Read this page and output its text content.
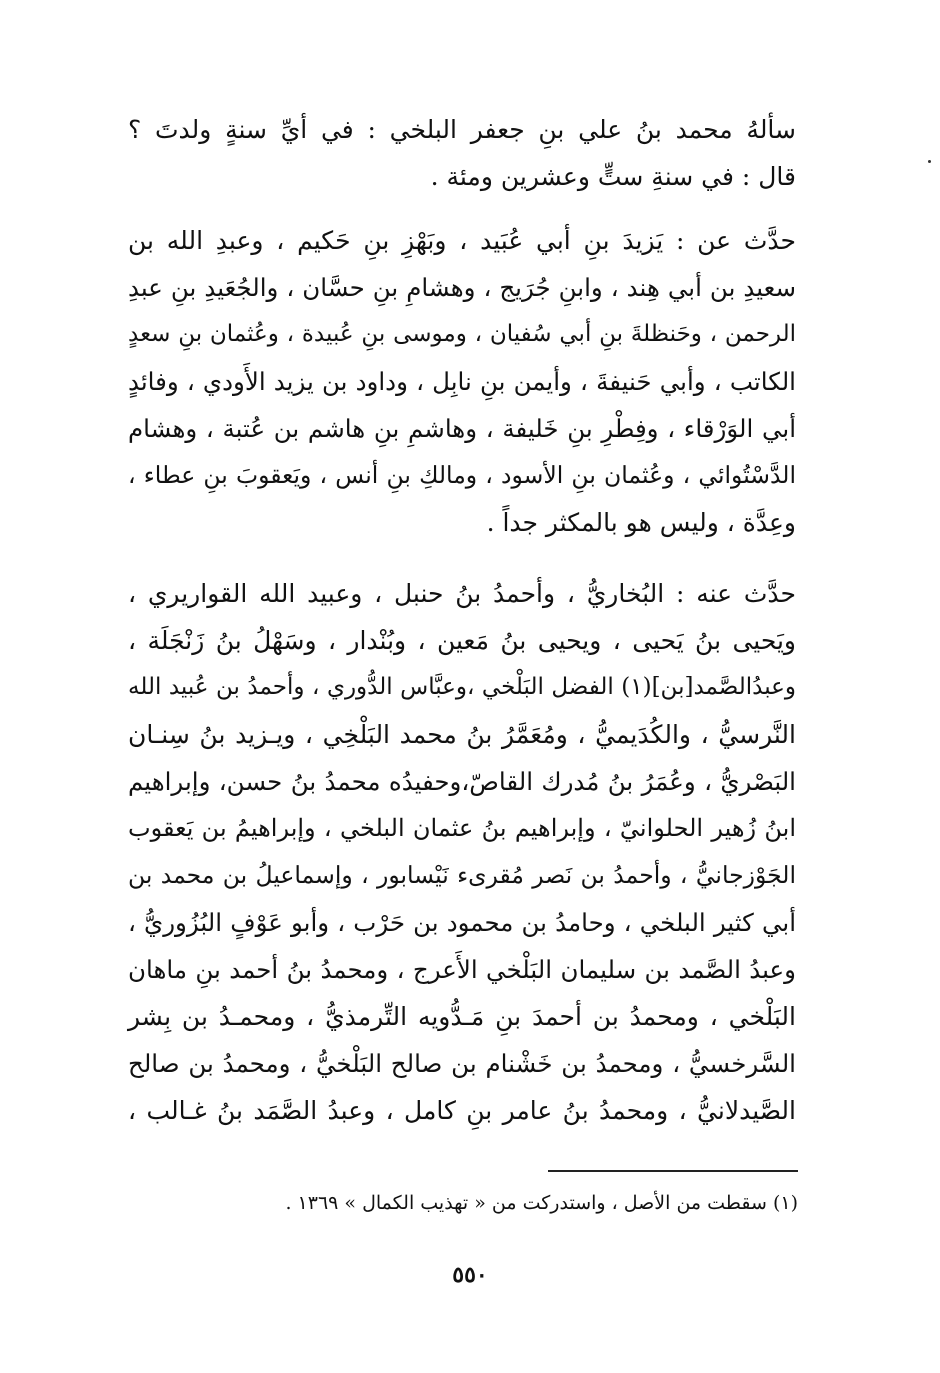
سألهُ محمد بنُ علي بنِ جعفر البلخي : في أيِّ سنةٍ ولدتَ ؟
قال : في سنةِ ستٍّ وعشرين ومئة .
حدَّث عن : يَزيدَ بنِ أبي عُبَيد ، وبَهْزِ بنِ حَكيم ، وعبدِ الله بن
سعيدِ بن أبي هِند ، وابنِ جُرَيج ، وهشامِ بنِ حسَّان ، والجُعَيدِ بنِ عبدِ
الرحمن ، وحَنظلةَ بنِ أبي سُفيان ، وموسى بنِ عُبيدة ، وعُثمان بنِ سعدٍ
الكاتب ، وأبي حَنيفةَ ، وأيمن بنِ نابِل ، وداود بن يزيد الأَودي ، وفائدٍ
أبي الوَرْقاء ، وفِطْرِ بنِ خَليفة ، وهاشمِ بنِ هاشم بن عُتبة ، وهشام
الدَّسْتُوائي ، وعُثمان بنِ الأسود ، ومالكِ بنِ أنس ، ويَعقوبَ بنِ عطاء ،
وعِدَّة ، وليس هو بالمكثر جداً .
حدَّث عنه : البُخاريُّ ، وأحمدُ بنُ حنبل ، وعبيد الله القواريري ،
ويَحيى بنُ يَحيى ، ويحيى بنُ مَعين ، وبُنْدار ، وسَهْلُ بنُ زَنْجَلَة ،
وعبدُالصَّمد[بن](١) الفضل البَلْخي ،وعبَّاس الدُّوري ، وأحمدُ بن عُبيد الله
النَّرسيُّ ، والكُدَيميُّ ، ومُعَمَّرُ بنُ محمد البَلْخِي ، ويـزيد بنُ سِنـان
البَصْريُّ ، وعُمَرُ بنُ مُدرك القاصّ،وحفيدُه محمدُ بنُ حسن، وإبراهيم
ابنُ زُهير الحلوانيّ ، وإبراهيم بنُ عثمان البلخي ، وإبراهيمُ بن يَعقوب
الجَوْزجانيُّ ، وأحمدُ بن نَصر مُقرىء نَيْسابور ، وإسماعيلُ بن محمد بن
أبي كثير البلخي ، وحامدُ بن محمود بن حَرْب ، وأبو عَوْفٍ البُزُوريُّ ،
وعبدُ الصَّمد بن سليمان البَلْخي الأَعرج ، ومحمدُ بنُ أحمد بنِ ماهان
البَلْخي ، ومحمدُ بن أحمدَ بنِ مَـدُّويه التِّرمذيُّ ، ومحمـدُ بن بِشر
السَّرخسيُّ ، ومحمدُ بن خَشْنام بن صالح البَلْخيُّ ، ومحمدُ بن صالح
الصَّيدلانيُّ ، ومحمدُ بنُ عامر بنِ كامل ، وعبدُ الصَّمَد بنُ غـالب ،
(١) سقطت من الأصل ، واستدركت من « تهذيب الكمال » ١٣٦٩ .
٥٥٠
